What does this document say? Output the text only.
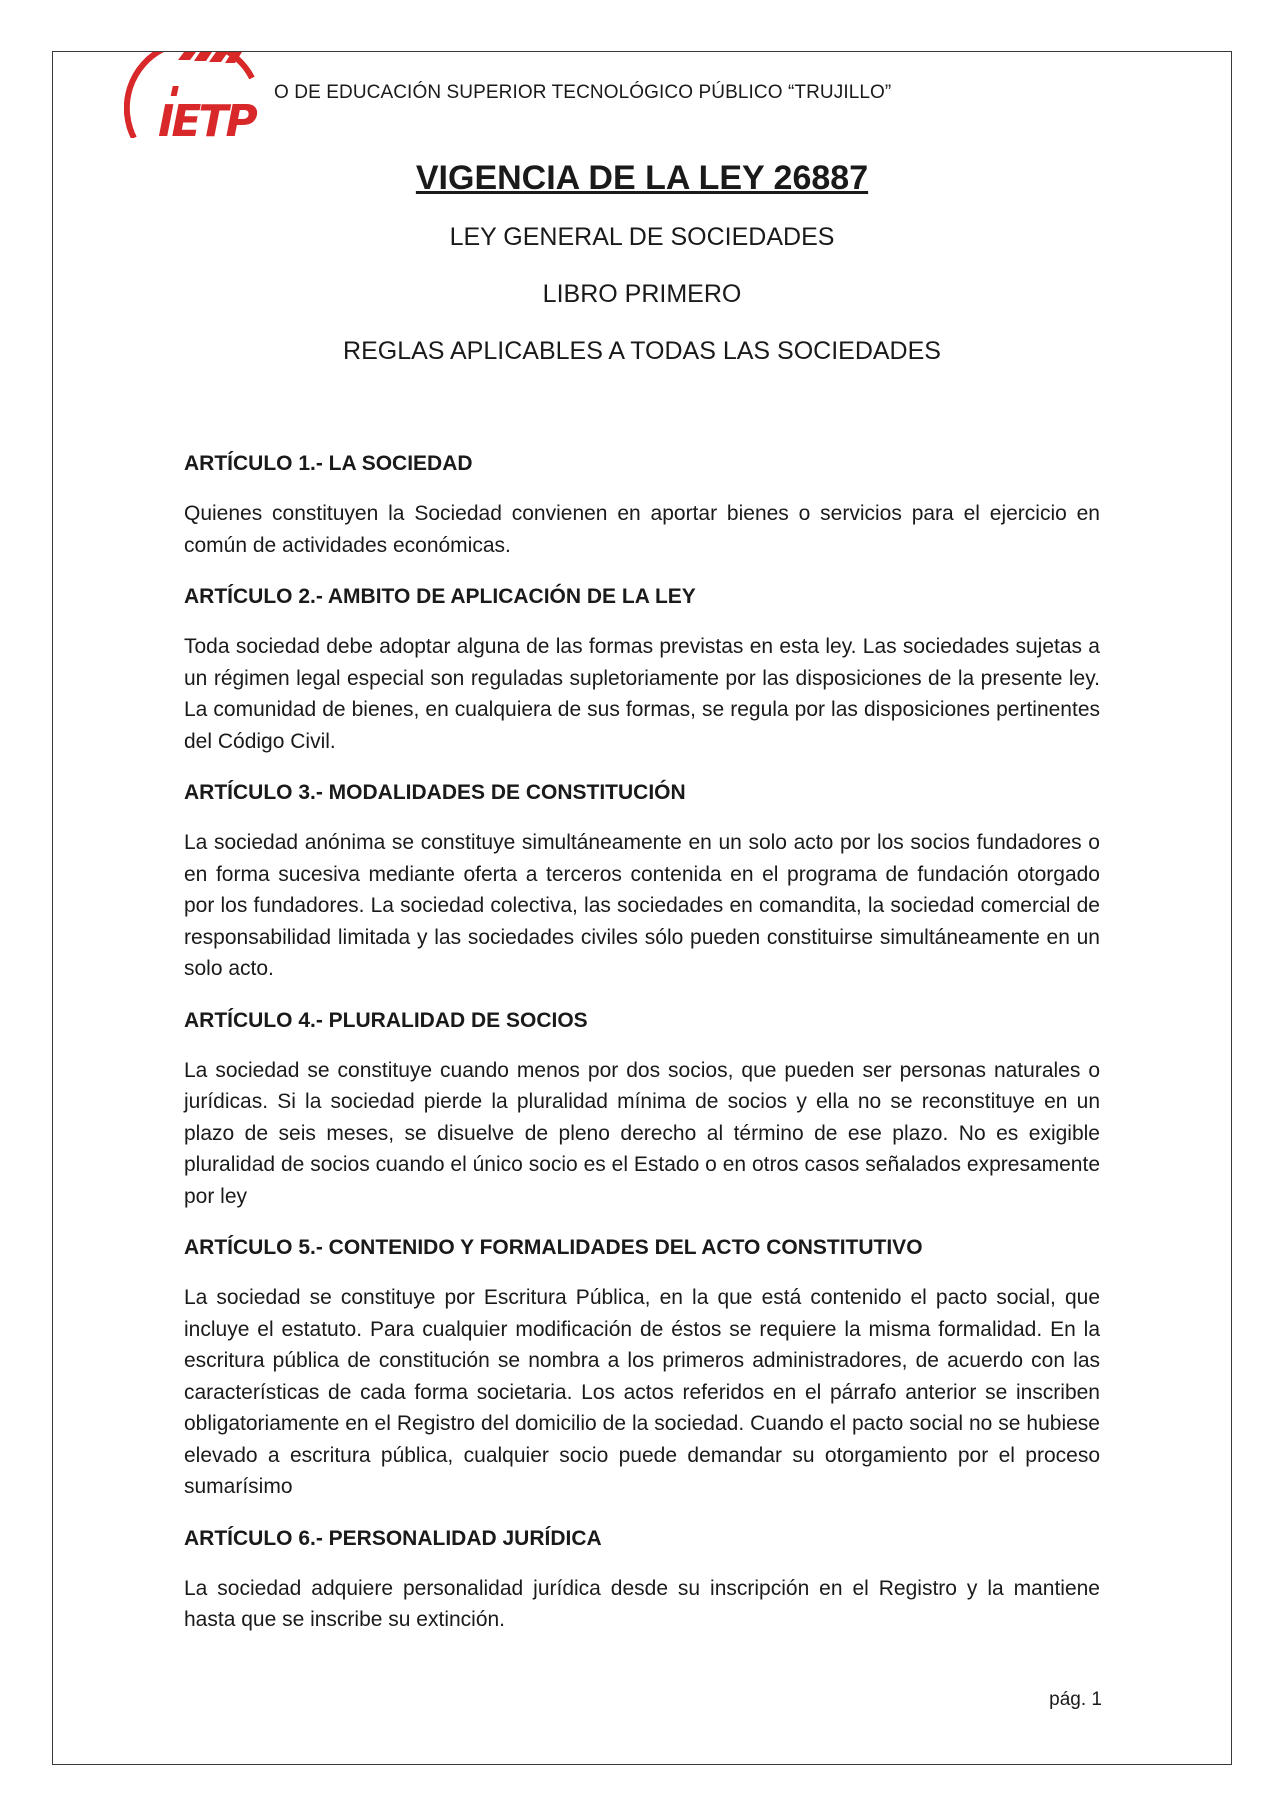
IETP
O DE EDUCACIÓN SUPERIOR TECNOLÓGICO PÚBLICO “TRUJILLO”
VIGENCIA DE LA LEY 26887

LEY GENERAL DE SOCIEDADES

LIBRO PRIMERO

REGLAS APLICABLES A TODAS LAS SOCIEDADES

ARTÍCULO 1.- LA SOCIEDAD

Quienes constituyen la Sociedad convienen en aportar bienes o servicios para el ejercicio en común de actividades económicas.

ARTÍCULO 2.- AMBITO DE APLICACIÓN DE LA LEY

Toda sociedad debe adoptar alguna de las formas previstas en esta ley. Las sociedades sujetas a un régimen legal especial son reguladas supletoriamente por las disposiciones de la presente ley. La comunidad de bienes, en cualquiera de sus formas, se regula por las disposiciones pertinentes del Código Civil.

ARTÍCULO 3.- MODALIDADES DE CONSTITUCIÓN

La sociedad anónima se constituye simultáneamente en un solo acto por los socios fundadores o en forma sucesiva mediante oferta a terceros contenida en el programa de fundación otorgado por los fundadores. La sociedad colectiva, las sociedades en comandita, la sociedad comercial de responsabilidad limitada y las sociedades civiles sólo pueden constituirse simultáneamente en un solo acto.

ARTÍCULO 4.- PLURALIDAD DE SOCIOS

La sociedad se constituye cuando menos por dos socios, que pueden ser personas naturales o jurídicas. Si la sociedad pierde la pluralidad mínima de socios y ella no se reconstituye en un plazo de seis meses, se disuelve de pleno derecho al término de ese plazo. No es exigible pluralidad de socios cuando el único socio es el Estado o en otros casos señalados expresamente por ley

ARTÍCULO 5.- CONTENIDO Y FORMALIDADES DEL ACTO CONSTITUTIVO

La sociedad se constituye por Escritura Pública, en la que está contenido el pacto social, que incluye el estatuto. Para cualquier modificación de éstos se requiere la misma formalidad. En la escritura pública de constitución se nombra a los primeros administradores, de acuerdo con las características de cada forma societaria. Los actos referidos en el párrafo anterior se inscriben obligatoriamente en el Registro del domicilio de la sociedad. Cuando el pacto social no se hubiese elevado a escritura pública, cualquier socio puede demandar su otorgamiento por el proceso sumarísimo

ARTÍCULO 6.- PERSONALIDAD JURÍDICA

La sociedad adquiere personalidad jurídica desde su inscripción en el Registro y la mantiene hasta que se inscribe su extinción.

pág. 1
